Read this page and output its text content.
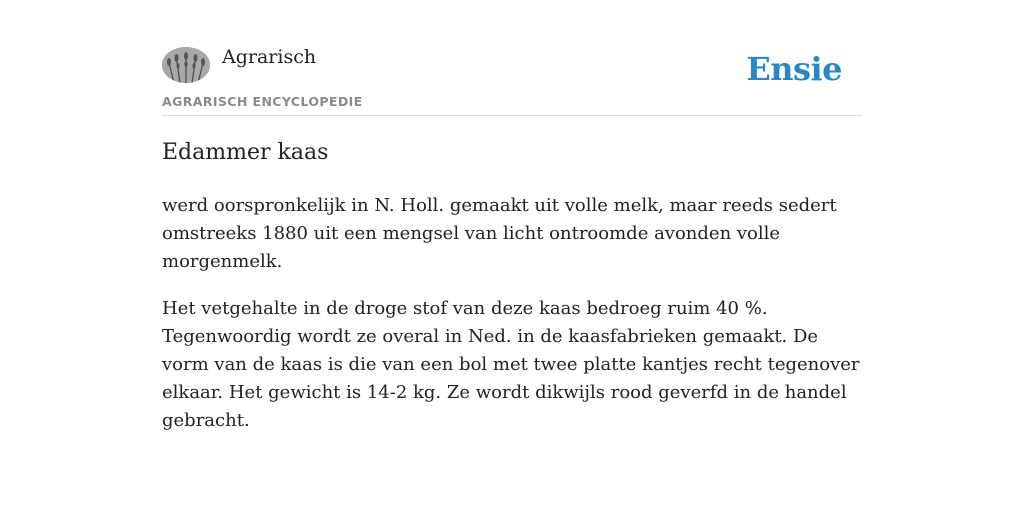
Agrarisch
AGRARISCH ENCYCLOPEDIE
Ensie
Edammer kaas

werd oorspronkelijk in N. Holl. gemaakt uit volle melk, maar reeds sedert omstreeks 1880 uit een mengsel van licht ontroomde avonden volle morgenmelk.

Het vetgehalte in de droge stof van deze kaas bedroeg ruim 40 %. Tegenwoordig wordt ze overal in Ned. in de kaasfabrieken gemaakt. De vorm van de kaas is die van een bol met twee platte kantjes recht tegenover elkaar. Het gewicht is 14-2 kg. Ze wordt dikwijls rood geverfd in de handel gebracht.
